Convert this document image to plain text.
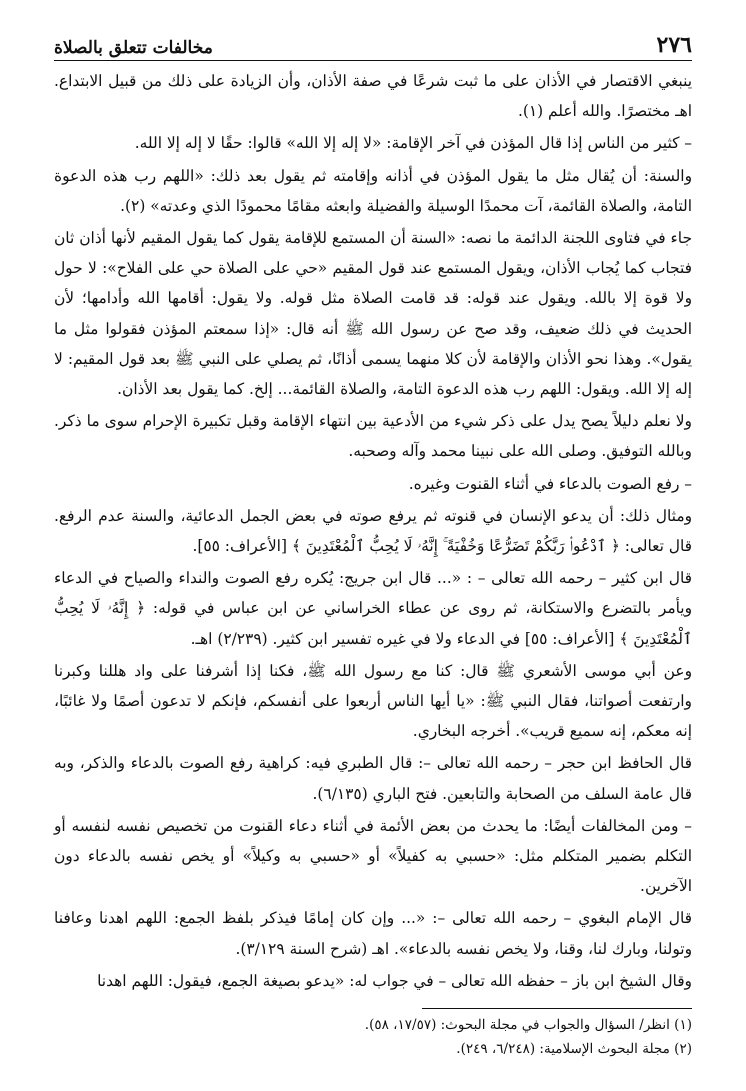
٢٧٦
مخالفات تتعلق بالصلاة

ينبغي الاقتصار في الأذان على ما ثبت شرعًا في صفة الأذان، وأن الزيادة على ذلك من قبيل الابتداع. اهـ مختصرًا. والله أعلم (١).

– كثير من الناس إذا قال المؤذن في آخر الإقامة: «لا إله إلا الله» قالوا: حقًا لا إله إلا الله.

والسنة: أن يُقال مثل ما يقول المؤذن في أذانه وإقامته ثم يقول بعد ذلك: «اللهم رب هذه الدعوة التامة، والصلاة القائمة، آت محمدًا الوسيلة والفضيلة وابعثه مقامًا محمودًا الذي وعدته» (٢).

جاء في فتاوى اللجنة الدائمة ما نصه: «السنة أن المستمع للإقامة يقول كما يقول المقيم لأنها أذان ثان فتجاب كما يُجاب الأذان، ويقول المستمع عند قول المقيم «حي على الصلاة حي على الفلاح»: لا حول ولا قوة إلا بالله. ويقول عند قوله: قد قامت الصلاة مثل قوله. ولا يقول: أقامها الله وأدامها؛ لأن الحديث في ذلك ضعيف، وقد صح عن رسول الله ﷺ أنه قال: «إذا سمعتم المؤذن فقولوا مثل ما يقول». وهذا نحو الأذان والإقامة لأن كلا منهما يسمى أذانًا، ثم يصلي على النبي ﷺ بعد قول المقيم: لا إله إلا الله. ويقول: اللهم رب هذه الدعوة التامة، والصلاة القائمة... إلخ. كما يقول بعد الأذان.

ولا نعلم دليلاً يصح يدل على ذكر شيء من الأدعية بين انتهاء الإقامة وقبل تكبيرة الإحرام سوى ما ذكر. وبالله التوفيق. وصلى الله على نبينا محمد وآله وصحبه.

– رفع الصوت بالدعاء في أثناء القنوت وغيره.

ومثال ذلك: أن يدعو الإنسان في قنوته ثم يرفع صوته في بعض الجمل الدعائية، والسنة عدم الرفع. قال تعالى: ﴿ ٱدْعُوا۟ رَبَّكُمْ تَضَرُّعًا وَخُفْيَةً ۚ إِنَّهُۥ لَا يُحِبُّ ٱلْمُعْتَدِينَ ﴾ [الأعراف: ٥٥].

قال ابن كثير – رحمه الله تعالى – : «... قال ابن جريج: يُكره رفع الصوت والنداء والصياح في الدعاء ويأمر بالتضرع والاستكانة، ثم روى عن عطاء الخراساني عن ابن عباس في قوله: ﴿ إِنَّهُۥ لَا يُحِبُّ ٱلْمُعْتَدِينَ ﴾ [الأعراف: ٥٥] في الدعاء ولا في غيره تفسير ابن كثير. (٢/٢٣٩) اهـ.

وعن أبي موسى الأشعري ﷺ قال: كنا مع رسول الله ﷺ، فكنا إذا أشرفنا على واد هللنا وكبرنا وارتفعت أصواتنا، فقال النبي ﷺ: «يا أيها الناس أربعوا على أنفسكم، فإنكم لا تدعون أصمًا ولا غائبًا، إنه معكم، إنه سميع قريب». أخرجه البخاري.

قال الحافظ ابن حجر – رحمه الله تعالى –: قال الطبري فيه: كراهية رفع الصوت بالدعاء والذكر، وبه قال عامة السلف من الصحابة والتابعين. فتح الباري (٦/١٣٥).

– ومن المخالفات أيضًا: ما يحدث من بعض الأئمة في أثناء دعاء القنوت من تخصيص نفسه لنفسه أو التكلم بضمير المتكلم مثل: «حسبي به كفيلاً» أو «حسبي به وكيلاً» أو يخص نفسه بالدعاء دون الآخرين.

قال الإمام البغوي – رحمه الله تعالى –: «... وإن كان إمامًا فيذكر بلفظ الجمع: اللهم اهدنا وعافنا وتولنا، وبارك لنا، وقنا، ولا يخص نفسه بالدعاء». اهـ (شرح السنة ٣/١٢٩).

وقال الشيخ ابن باز – حفظه الله تعالى – في جواب له: «يدعو بصيغة الجمع، فيقول: اللهم اهدنا

(١) انظر/ السؤال والجواب في مجلة البحوث: (١٧/٥٧، ٥٨).
(٢) مجلة البحوث الإسلامية: (٦/٢٤٨، ٢٤٩).
